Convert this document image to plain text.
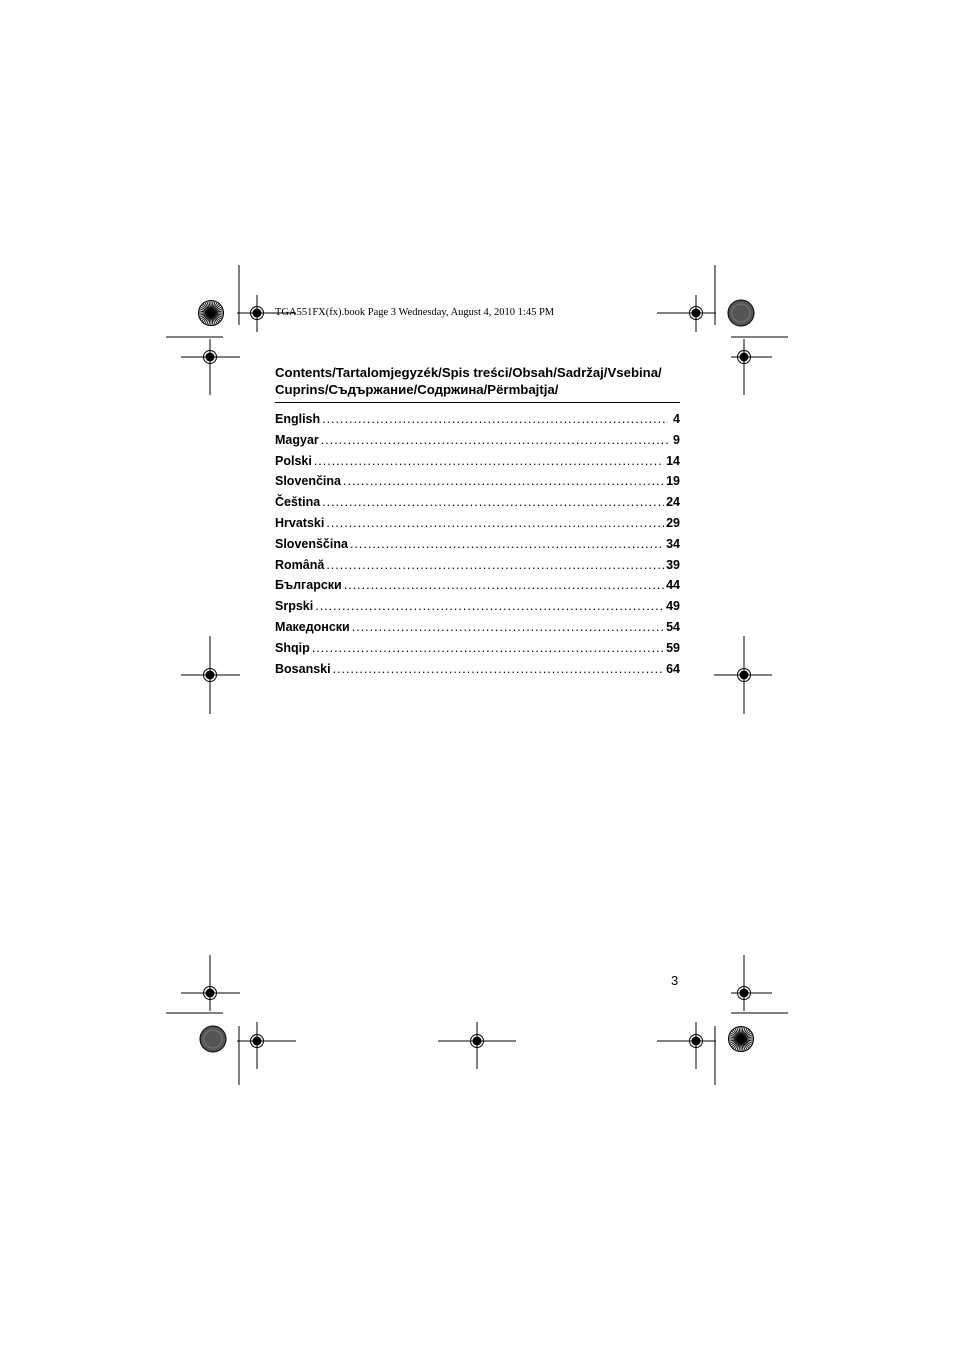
TGA551FX(fx).book Page 3 Wednesday, August 4, 2010 1:45 PM
Contents/Tartalomjegyzék/Spis treści/Obsah/Sadržaj/Vsebina/
Cuprins/Съдържание/Содржина/Përmbajtja/
English .....	4
Magyar .....	9
Polski .....	14
Slovenčina .....	19
Čeština .....	24
Hrvatski .....	29
Slovenščina .....	34
Română .....	39
Български .....	44
Srpski .....	49
Македонски .....	54
Shqip .....	59
Bosanski .....	64
3
